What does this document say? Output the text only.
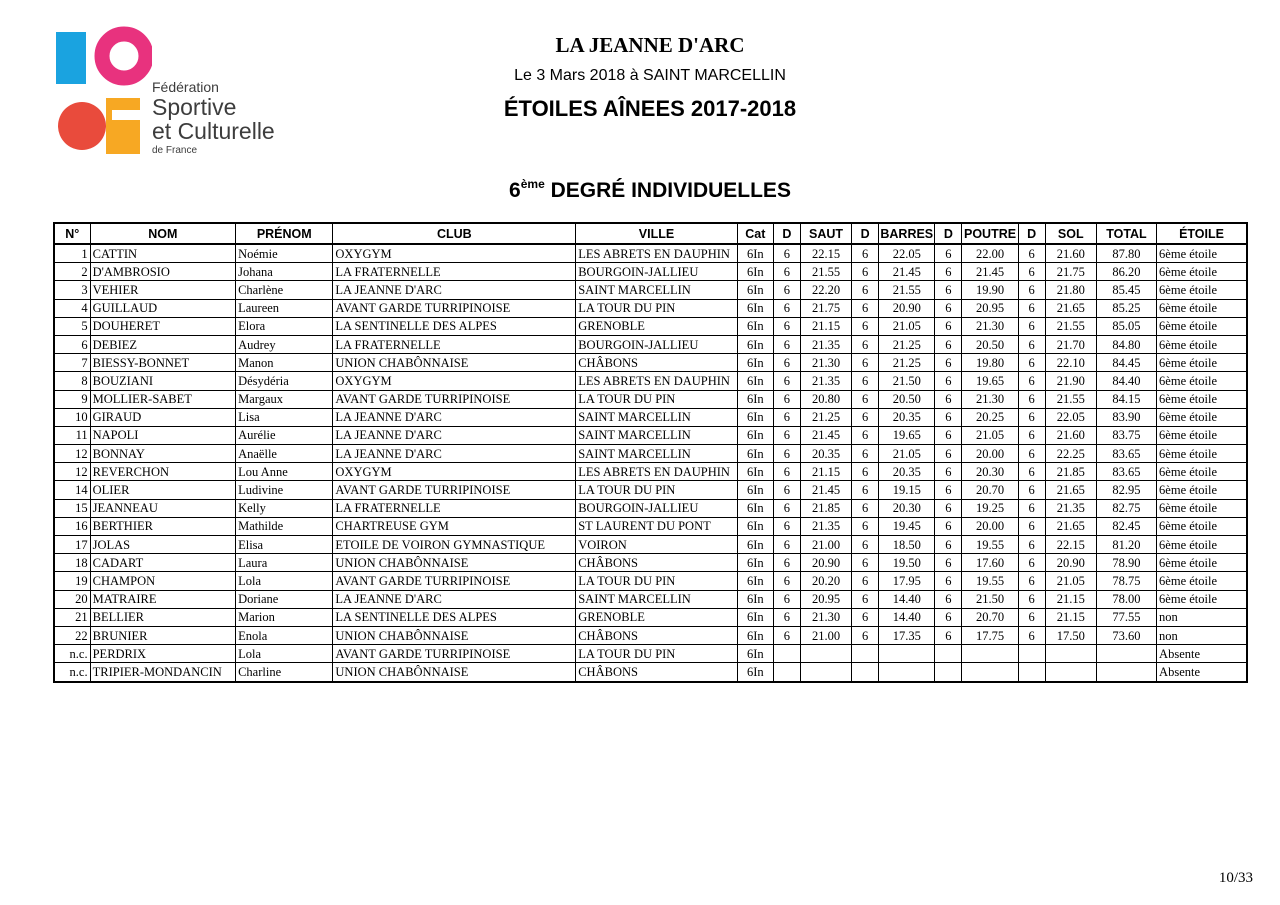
Fédération
Sportive
et Culturelle
de France
LA JEANNE D'ARC
Le 3 Mars 2018 à SAINT MARCELLIN
ÉTOILES AÎNEES 2017-2018
6ème DEGRÉ INDIVIDUELLES
N°	NOM	PRÉNOM	CLUB	VILLE	Cat	D	SAUT	D	BARRES	D	POUTRE	D	SOL	TOTAL	ÉTOILE
1	CATTIN	Noémie	OXYGYM	LES ABRETS EN DAUPHIN	6In	6	22.15	6	22.05	6	22.00	6	21.60	87.80	6ème étoile
2	D'AMBROSIO	Johana	LA FRATERNELLE	BOURGOIN-JALLIEU	6In	6	21.55	6	21.45	6	21.45	6	21.75	86.20	6ème étoile
3	VEHIER	Charlène	LA JEANNE D'ARC	SAINT MARCELLIN	6In	6	22.20	6	21.55	6	19.90	6	21.80	85.45	6ème étoile
4	GUILLAUD	Laureen	AVANT GARDE TURRIPINOISE	LA TOUR DU PIN	6In	6	21.75	6	20.90	6	20.95	6	21.65	85.25	6ème étoile
5	DOUHERET	Elora	LA SENTINELLE DES ALPES	GRENOBLE	6In	6	21.15	6	21.05	6	21.30	6	21.55	85.05	6ème étoile
6	DEBIEZ	Audrey	LA FRATERNELLE	BOURGOIN-JALLIEU	6In	6	21.35	6	21.25	6	20.50	6	21.70	84.80	6ème étoile
7	BIESSY-BONNET	Manon	UNION CHABÔNNAISE	CHÂBONS	6In	6	21.30	6	21.25	6	19.80	6	22.10	84.45	6ème étoile
8	BOUZIANI	Désydéria	OXYGYM	LES ABRETS EN DAUPHIN	6In	6	21.35	6	21.50	6	19.65	6	21.90	84.40	6ème étoile
9	MOLLIER-SABET	Margaux	AVANT GARDE TURRIPINOISE	LA TOUR DU PIN	6In	6	20.80	6	20.50	6	21.30	6	21.55	84.15	6ème étoile
10	GIRAUD	Lisa	LA JEANNE D'ARC	SAINT MARCELLIN	6In	6	21.25	6	20.35	6	20.25	6	22.05	83.90	6ème étoile
11	NAPOLI	Aurélie	LA JEANNE D'ARC	SAINT MARCELLIN	6In	6	21.45	6	19.65	6	21.05	6	21.60	83.75	6ème étoile
12	BONNAY	Anaëlle	LA JEANNE D'ARC	SAINT MARCELLIN	6In	6	20.35	6	21.05	6	20.00	6	22.25	83.65	6ème étoile
12	REVERCHON	Lou Anne	OXYGYM	LES ABRETS EN DAUPHIN	6In	6	21.15	6	20.35	6	20.30	6	21.85	83.65	6ème étoile
14	OLIER	Ludivine	AVANT GARDE TURRIPINOISE	LA TOUR DU PIN	6In	6	21.45	6	19.15	6	20.70	6	21.65	82.95	6ème étoile
15	JEANNEAU	Kelly	LA FRATERNELLE	BOURGOIN-JALLIEU	6In	6	21.85	6	20.30	6	19.25	6	21.35	82.75	6ème étoile
16	BERTHIER	Mathilde	CHARTREUSE GYM	ST LAURENT DU PONT	6In	6	21.35	6	19.45	6	20.00	6	21.65	82.45	6ème étoile
17	JOLAS	Elisa	ETOILE DE VOIRON GYMNASTIQUE	VOIRON	6In	6	21.00	6	18.50	6	19.55	6	22.15	81.20	6ème étoile
18	CADART	Laura	UNION CHABÔNNAISE	CHÂBONS	6In	6	20.90	6	19.50	6	17.60	6	20.90	78.90	6ème étoile
19	CHAMPON	Lola	AVANT GARDE TURRIPINOISE	LA TOUR DU PIN	6In	6	20.20	6	17.95	6	19.55	6	21.05	78.75	6ème étoile
20	MATRAIRE	Doriane	LA JEANNE D'ARC	SAINT MARCELLIN	6In	6	20.95	6	14.40	6	21.50	6	21.15	78.00	6ème étoile
21	BELLIER	Marion	LA SENTINELLE DES ALPES	GRENOBLE	6In	6	21.30	6	14.40	6	20.70	6	21.15	77.55	non
22	BRUNIER	Enola	UNION CHABÔNNAISE	CHÂBONS	6In	6	21.00	6	17.35	6	17.75	6	17.50	73.60	non
n.c.	PERDRIX	Lola	AVANT GARDE TURRIPINOISE	LA TOUR DU PIN	6In										Absente
n.c.	TRIPIER-MONDANCIN	Charline	UNION CHABÔNNAISE	CHÂBONS	6In										Absente
10/33
